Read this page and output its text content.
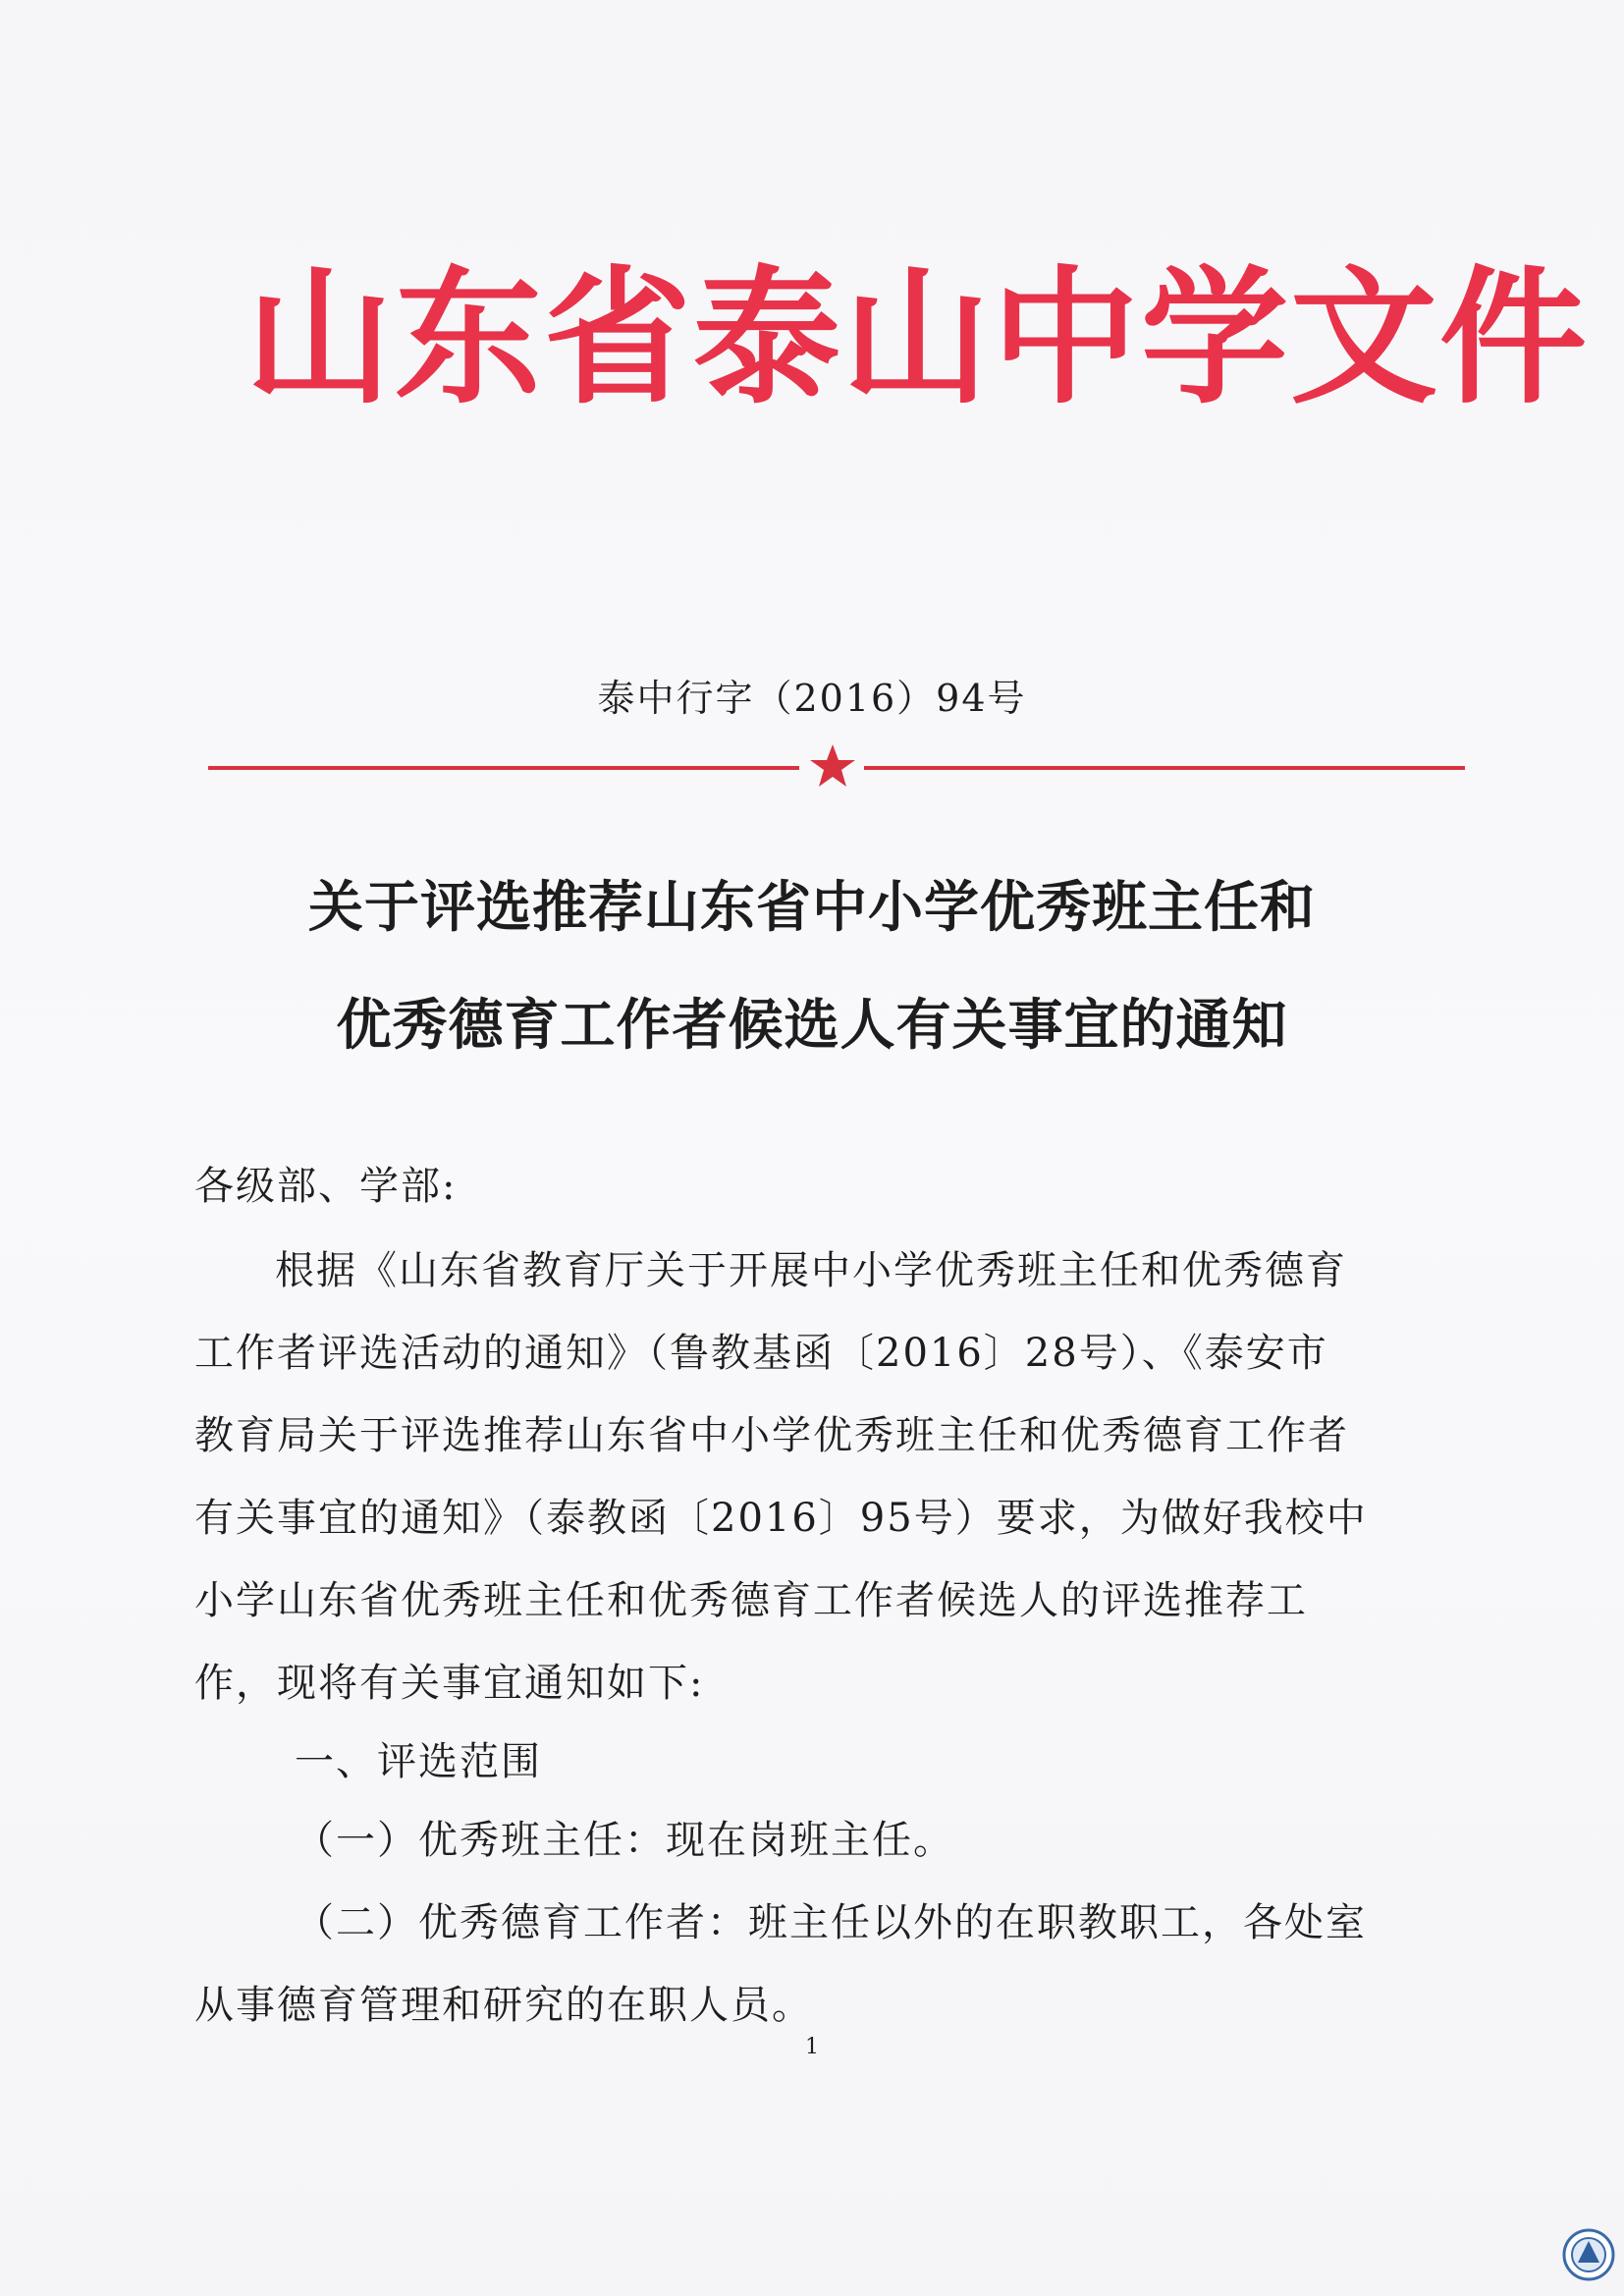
山东省泰山中学文件
泰中行字（2016）94号
关于评选推荐山东省中小学优秀班主任和
优秀德育工作者候选人有关事宜的通知
各级部、学部:
根据《山东省教育厅关于开展中小学优秀班主任和优秀德育
工作者评选活动的通知》（鲁教基函〔2016〕28号）、《泰安市
教育局关于评选推荐山东省中小学优秀班主任和优秀德育工作者
有关事宜的通知》（泰教函〔2016〕95号）要求，为做好我校中
小学山东省优秀班主任和优秀德育工作者候选人的评选推荐工
作，现将有关事宜通知如下:
一、评选范围
（一）优秀班主任：现在岗班主任。
（二）优秀德育工作者：班主任以外的在职教职工，各处室
从事德育管理和研究的在职人员。
1
